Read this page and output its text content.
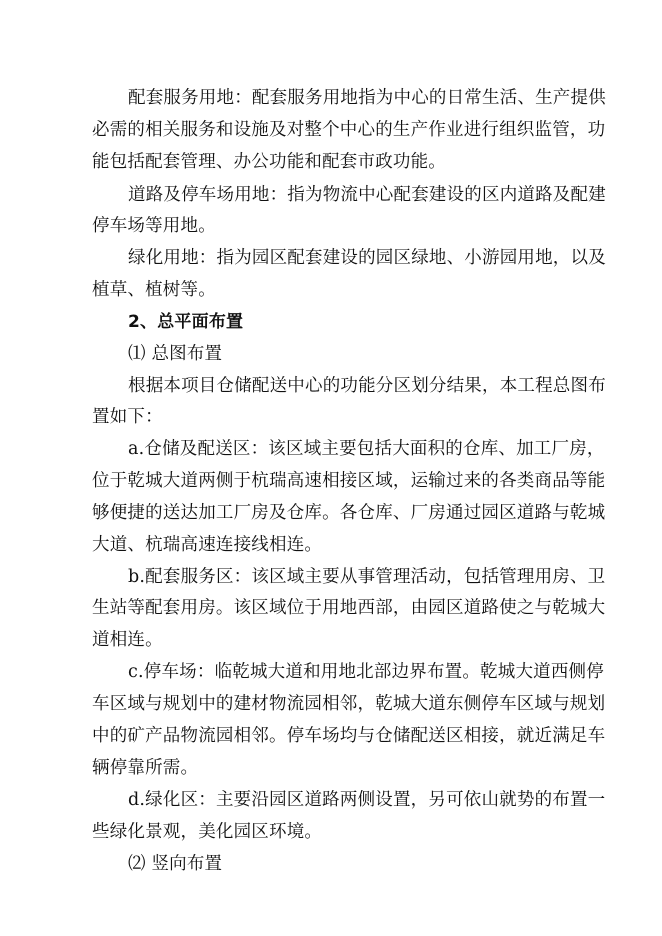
配套服务用地：配套服务用地指为中心的日常生活、生产提供
必需的相关服务和设施及对整个中心的生产作业进行组织监管，功
能包括配套管理、办公功能和配套市政功能。
道路及停车场用地：指为物流中心配套建设的区内道路及配建
停车场等用地。
绿化用地：指为园区配套建设的园区绿地、小游园用地，以及
植草、植树等。
2、总平面布置
⑴ 总图布置
根据本项目仓储配送中心的功能分区划分结果，本工程总图布
置如下：
a.仓储及配送区：该区域主要包括大面积的仓库、加工厂房，
位于乾城大道两侧于杭瑞高速相接区域，运输过来的各类商品等能
够便捷的送达加工厂房及仓库。各仓库、厂房通过园区道路与乾城
大道、杭瑞高速连接线相连。
b.配套服务区：该区域主要从事管理活动，包括管理用房、卫
生站等配套用房。该区域位于用地西部，由园区道路使之与乾城大
道相连。
c.停车场：临乾城大道和用地北部边界布置。乾城大道西侧停
车区域与规划中的建材物流园相邻，乾城大道东侧停车区域与规划
中的矿产品物流园相邻。停车场均与仓储配送区相接，就近满足车
辆停靠所需。
d.绿化区：主要沿园区道路两侧设置，另可依山就势的布置一
些绿化景观，美化园区环境。
⑵ 竖向布置
